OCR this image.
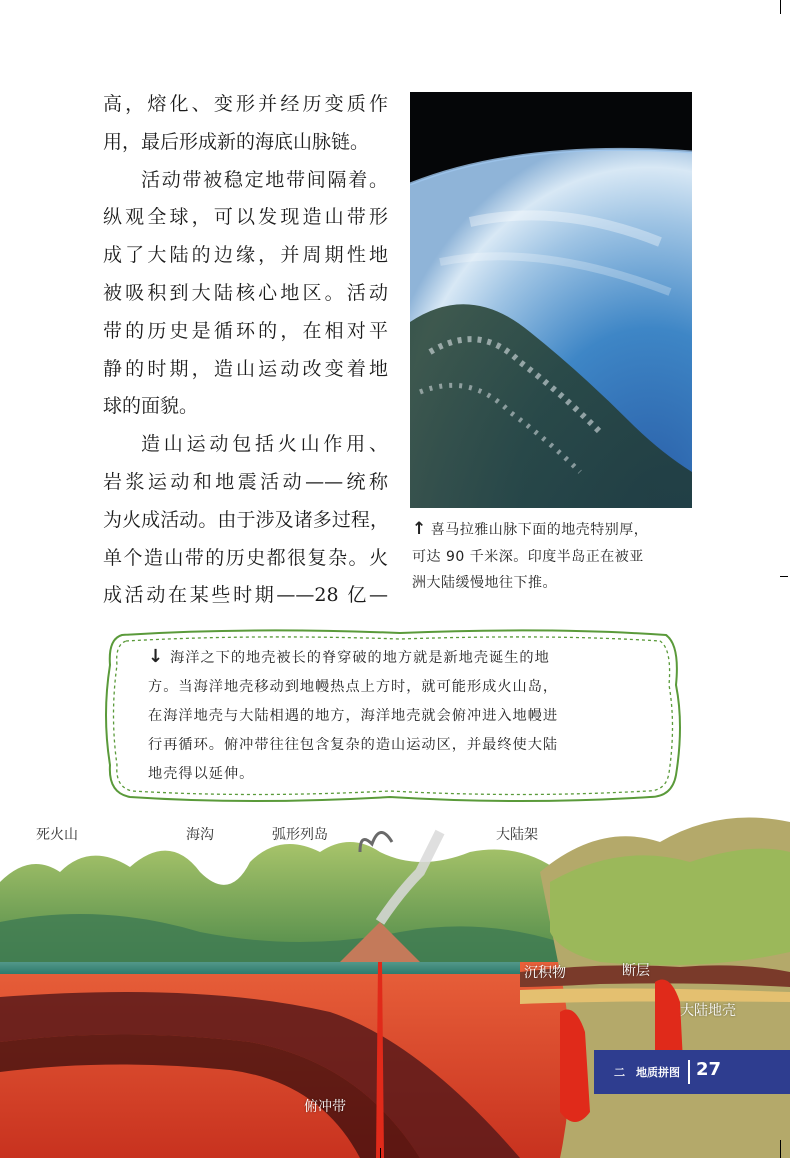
高，熔化、变形并经历变质作

用，最后形成新的海底山脉链。

活动带被稳定地带间隔着。

纵观全球，可以发现造山带形

成了大陆的边缘，并周期性地

被吸积到大陆核心地区。活动

带的历史是循环的，在相对平

静的时期，造山运动改变着地

球的面貌。

造山运动包括火山作用、

岩浆运动和地震活动——统称

为火成活动。由于涉及诸多过程，

单个造山带的历史都很复杂。火

成活动在某些时期——28 亿—

↑ 喜马拉雅山脉下面的地壳特别厚，
可达 90 千米深。印度半岛正在被亚
洲大陆缓慢地往下推。
↓ 海洋之下的地壳被长的脊穿破的地方就是新地壳诞生的地
方。当海洋地壳移动到地幔热点上方时，就可能形成火山岛，
在海洋地壳与大陆相遇的地方，海洋地壳就会俯冲进入地幔进
行再循环。俯冲带往往包含复杂的造山运动区，并最终使大陆
地壳得以延伸。
死火山	海沟	弧形列岛	大陆架
沉积物	断层
大陆地壳
俯冲带
二 地质拼图 27
